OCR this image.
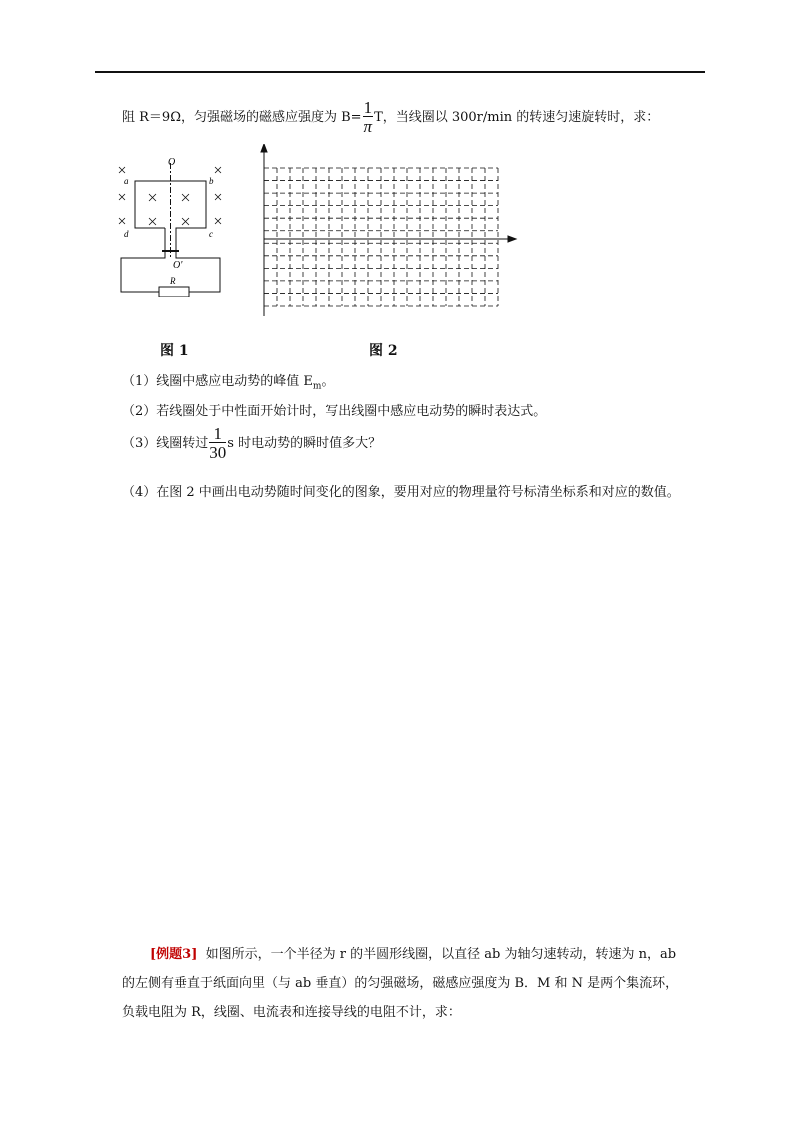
阻 R＝9Ω，匀强磁场的磁感应强度为 $B= \frac{1}{\pi}$ T，当线圈以 300r/min 的转速匀速旋转时，求：
O
O'
a	b
c
d
R
图 1	图 2
（1）线圈中感应电动势的峰值 $E_m$。
（2）若线圈处于中性面开始计时，写出线圈中感应电动势的瞬时表达式。
（3）线圈转过 $\frac{1}{30}$ s 时电动势的瞬时值多大？
（4）在图 2 中画出电动势随时间变化的图象，要用对应的物理量符号标清坐标系和对应的数值。
[例题3] 如图所示，一个半径为 r 的半圆形线圈，以直径 ab 为轴匀速转动，转速为 n，ab
的左侧有垂直于纸面向里（与 ab 垂直）的匀强磁场，磁感应强度为 B．M 和 N 是两个集流环，
负载电阻为 R，线圈、电流表和连接导线的电阻不计，求：
